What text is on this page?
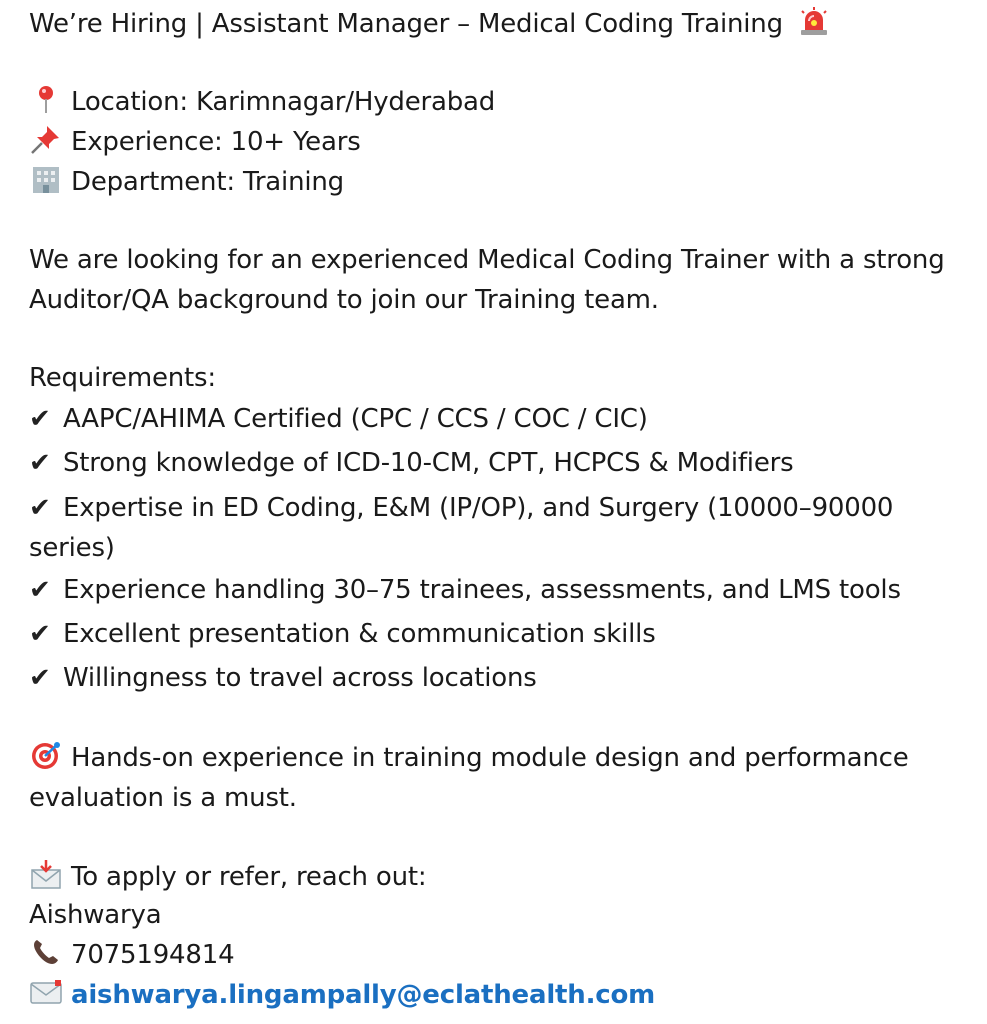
We’re Hiring | Assistant Manager – Medical Coding Training
Location: Karimnagar/Hyderabad
Experience: 10+ Years
Department: Training
We are looking for an experienced Medical Coding Trainer with a strong Auditor/QA background to join our Training team.
Requirements:
✔ AAPC/AHIMA Certified (CPC / CCS / COC / CIC)
✔ Strong knowledge of ICD-10-CM, CPT, HCPCS & Modifiers
✔ Expertise in ED Coding, E&M (IP/OP), and Surgery (10000–90000 series)
✔ Experience handling 30–75 trainees, assessments, and LMS tools
✔ Excellent presentation & communication skills
✔ Willingness to travel across locations
Hands-on experience in training module design and performance evaluation is a must.
To apply or refer, reach out:
Aishwarya
7075194814
aishwarya.lingampally@eclathealth.com
